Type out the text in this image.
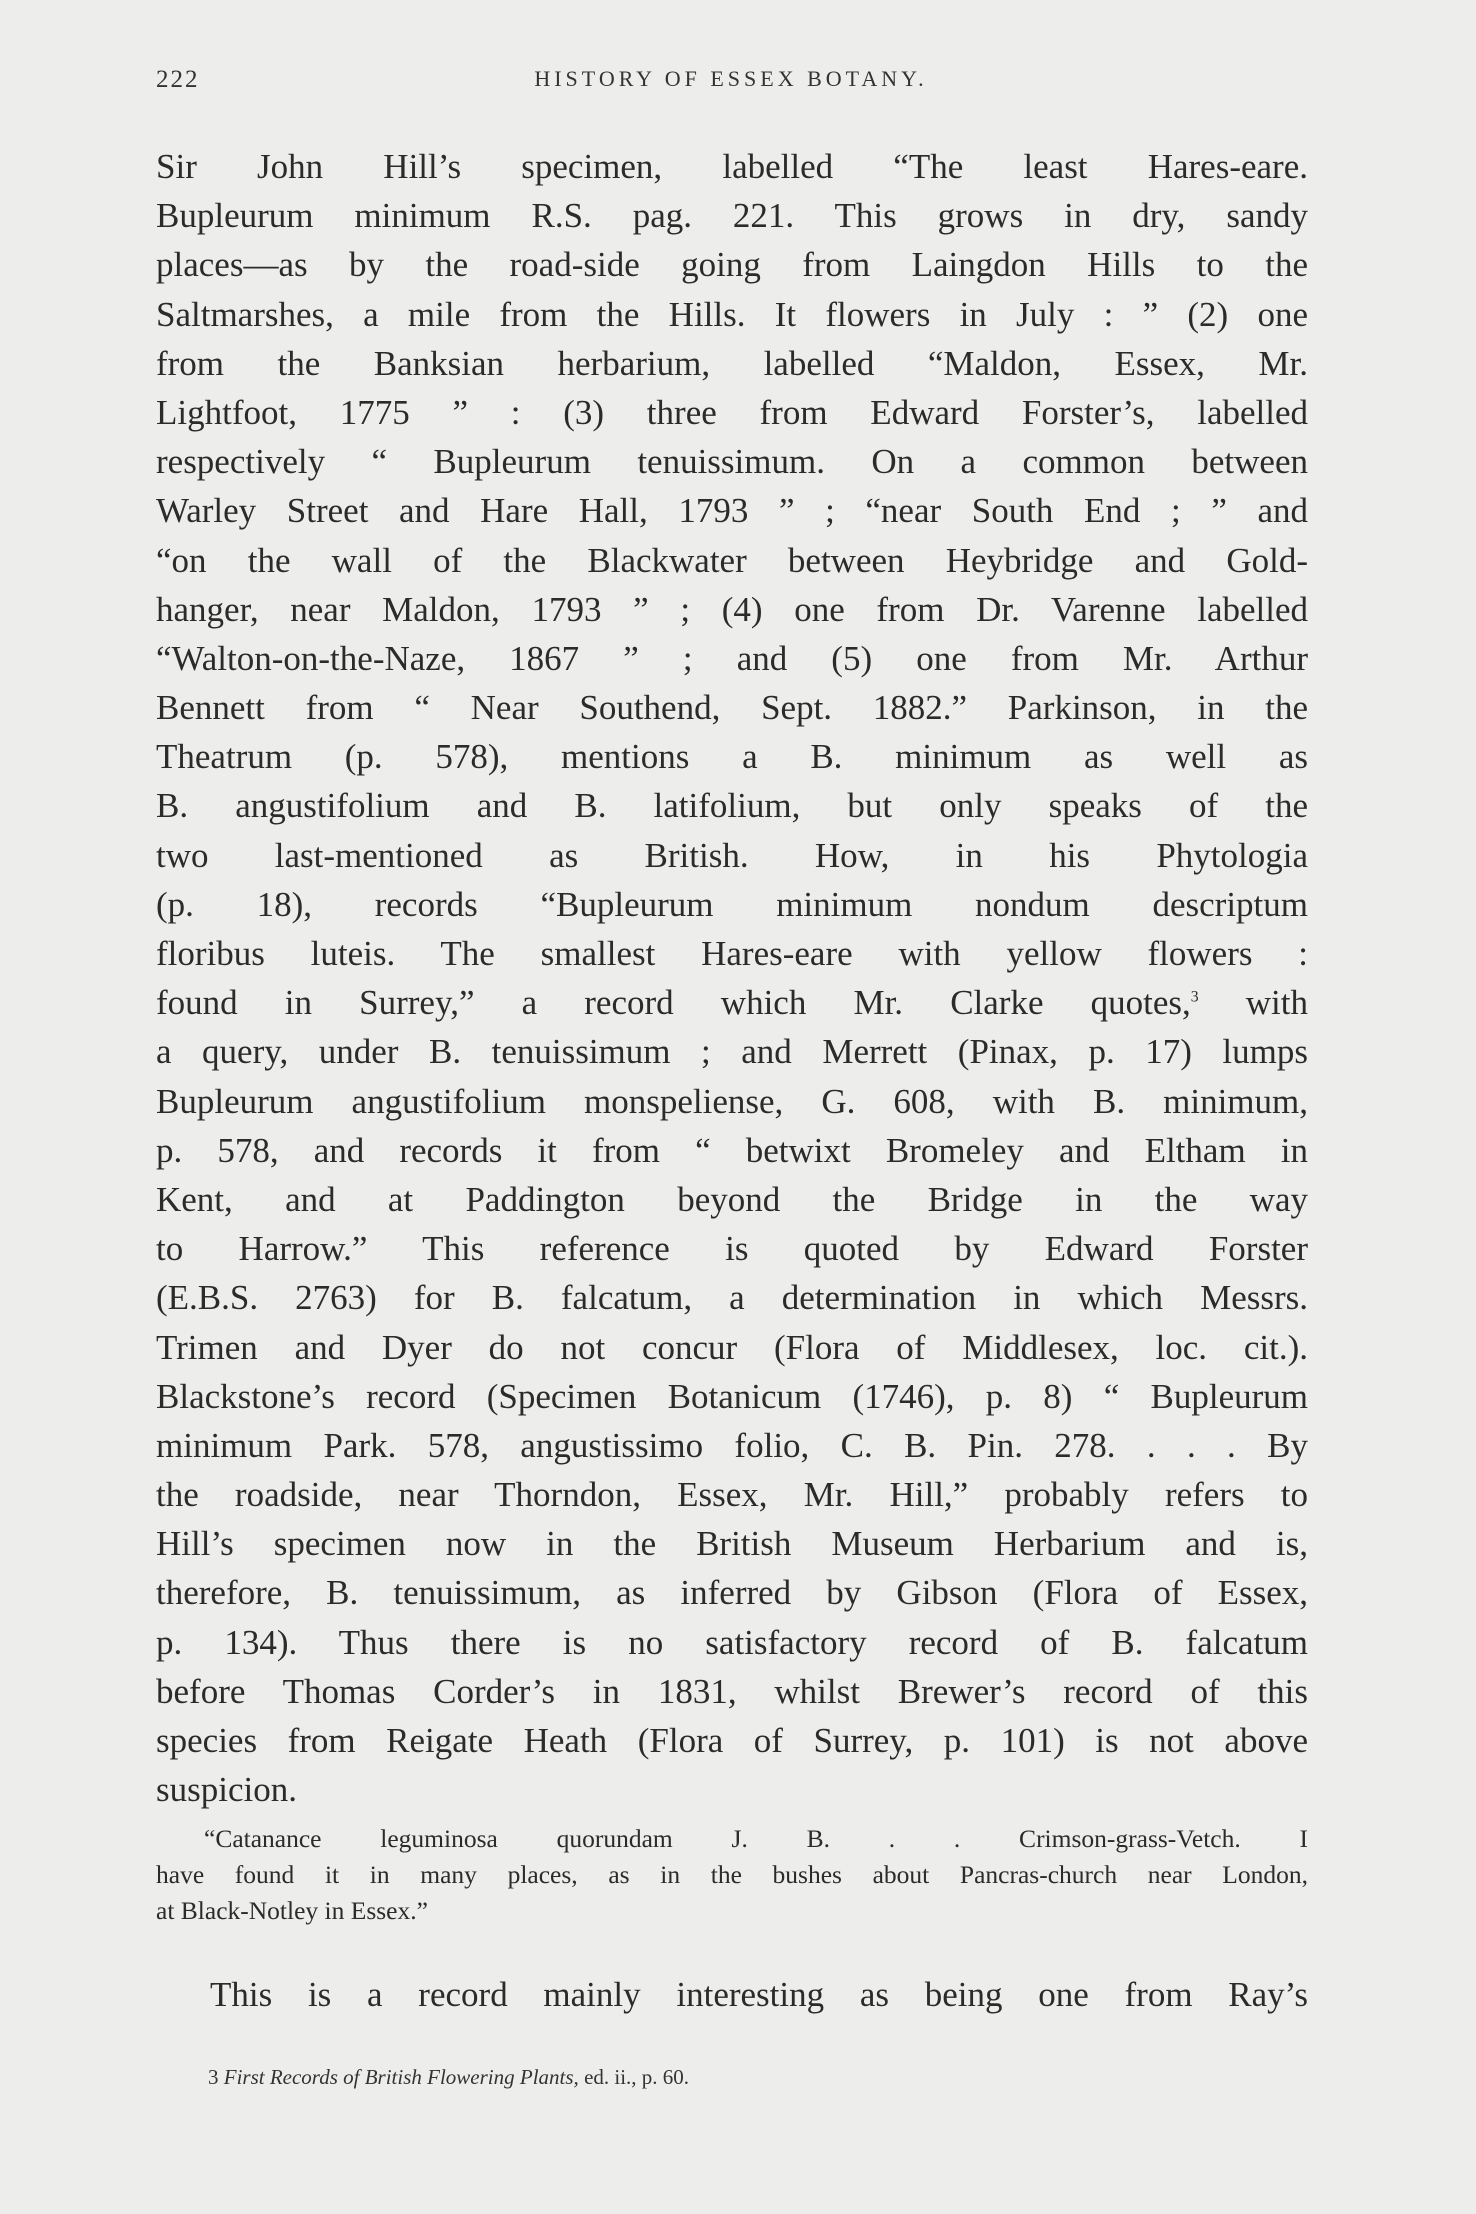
222	HISTORY OF ESSEX BOTANY.
Sir John Hill’s specimen, labelled “The least Hares-eare.
Bupleurum minimum R.S. pag. 221. This grows in dry, sandy
places—as by the road-side going from Laingdon Hills to the
Saltmarshes, a mile from the Hills. It flowers in July : ” (2) one
from the Banksian herbarium, labelled “Maldon, Essex, Mr.
Lightfoot, 1775 ” : (3) three from Edward Forster’s, labelled
respectively “ Bupleurum tenuissimum. On a common between
Warley Street and Hare Hall, 1793 ” ; “near South End ; ” and
“on the wall of the Blackwater between Heybridge and Gold-
hanger, near Maldon, 1793 ” ; (4) one from Dr. Varenne labelled
“Walton-on-the-Naze, 1867 ” ; and (5) one from Mr. Arthur
Bennett from “ Near Southend, Sept. 1882.” Parkinson, in the
Theatrum (p. 578), mentions a B. minimum as well as
B. angustifolium and B. latifolium, but only speaks of the
two last-mentioned as British. How, in his Phytologia
(p. 18), records “Bupleurum minimum nondum descriptum
floribus luteis. The smallest Hares-eare with yellow flowers :
found in Surrey,” a record which Mr. Clarke quotes,$^3$ with
a query, under B. tenuissimum ; and Merrett (Pinax, p. 17) lumps
Bupleurum angustifolium monspeliense, G. 608, with B. minimum,
p. 578, and records it from “ betwixt Bromeley and Eltham in
Kent, and at Paddington beyond the Bridge in the way
to Harrow.” This reference is quoted by Edward Forster
(E.B.S. 2763) for B. falcatum, a determination in which Messrs.
Trimen and Dyer do not concur (Flora of Middlesex, loc. cit.).
Blackstone’s record (Specimen Botanicum (1746), p. 8) “ Bupleurum
minimum Park. 578, angustissimo folio, C. B. Pin. 278. . . . By
the roadside, near Thorndon, Essex, Mr. Hill,” probably refers to
Hill’s specimen now in the British Museum Herbarium and is,
therefore, B. tenuissimum, as inferred by Gibson (Flora of Essex,
p. 134). Thus there is no satisfactory record of B. falcatum
before Thomas Corder’s in 1831, whilst Brewer’s record of this
species from Reigate Heath (Flora of Surrey, p. 101) is not above
suspicion.
“Catanance leguminosa quorundam J. B. . . Crimson-grass-Vetch. I
have found it in many places, as in the bushes about Pancras-church near London,
at Black-Notley in Essex.”
This is a record mainly interesting as being one from Ray’s
3 First Records of British Flowering Plants, ed. ii., p. 60.
